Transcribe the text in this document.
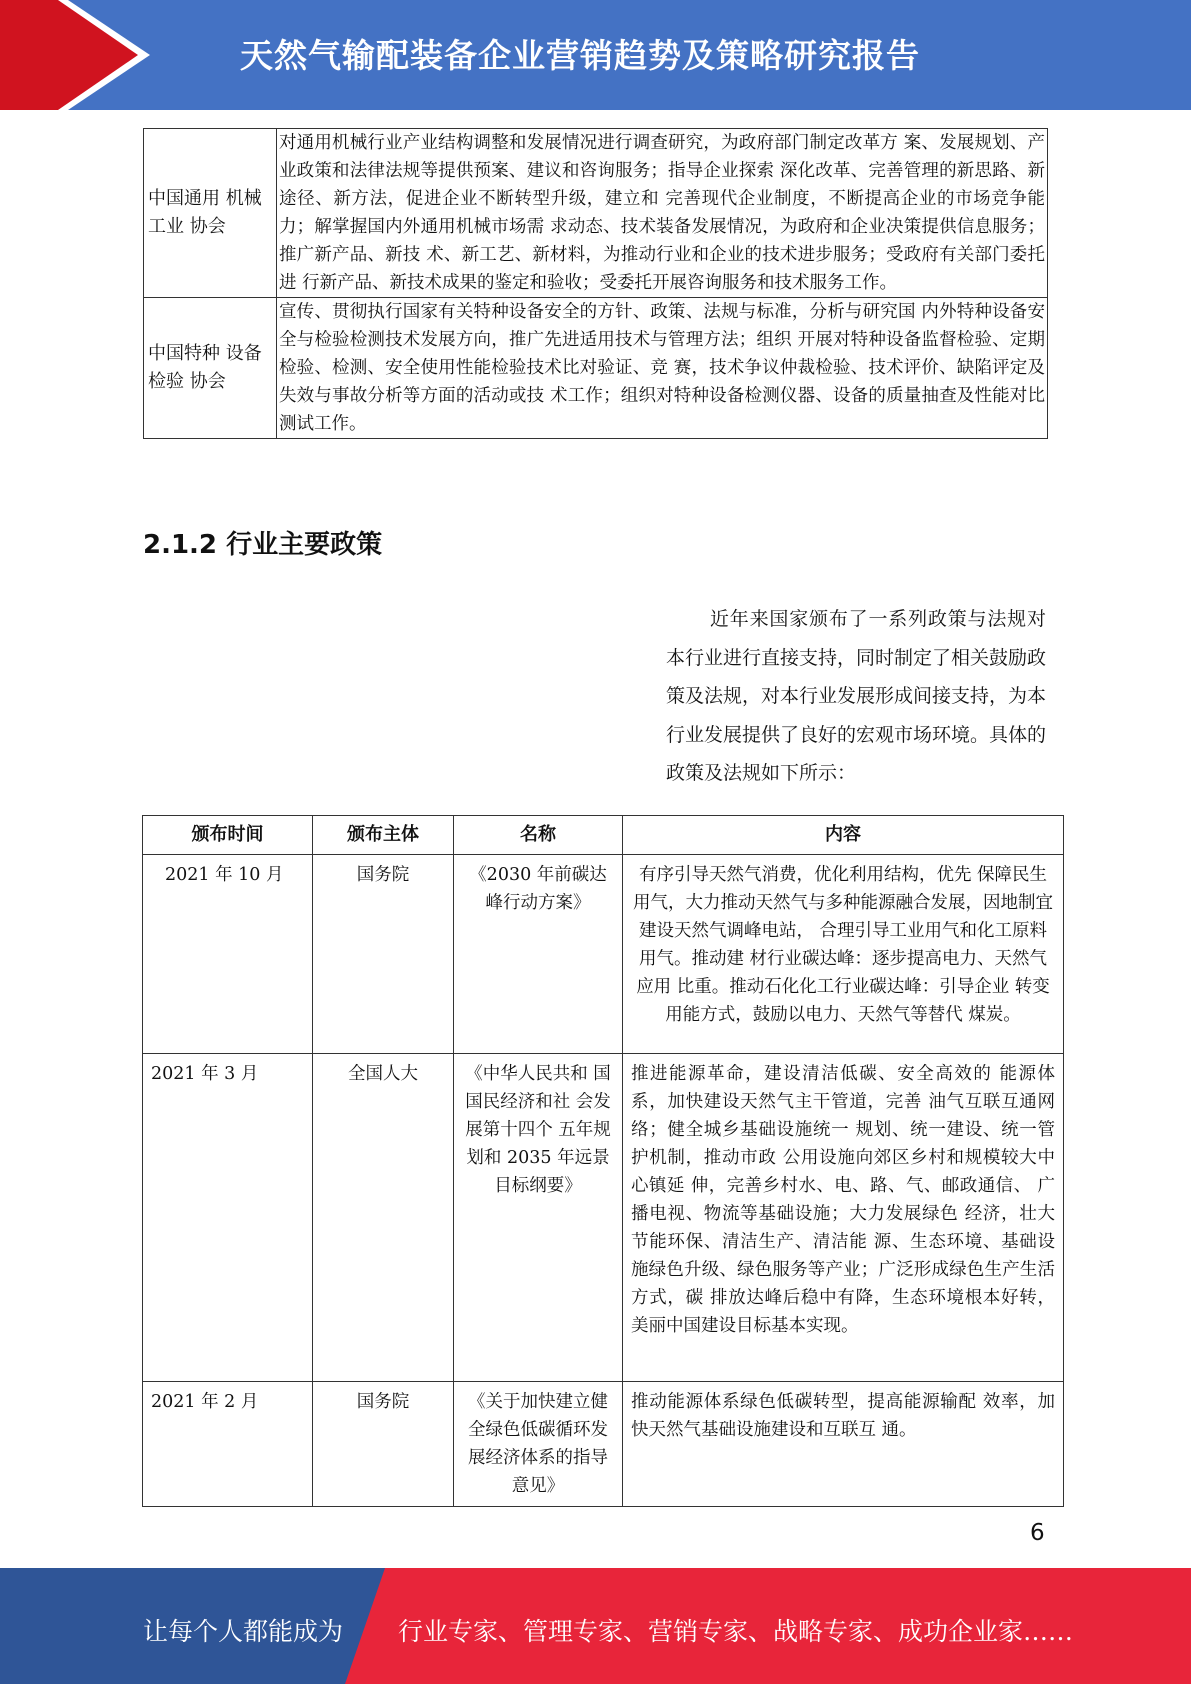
天然气输配装备企业营销趋势及策略研究报告
中国通用 机械工业 协会	对通用机械行业产业结构调整和发展情况进行调查研究，为政府部门制定改革方 案、发展规划、产业政策和法律法规等提供预案、建议和咨询服务；指导企业探索 深化改革、完善管理的新思路、新途径、新方法，促进企业不断转型升级，建立和 完善现代企业制度，不断提高企业的市场竞争能力；解掌握国内外通用机械市场需 求动态、技术装备发展情况，为政府和企业决策提供信息服务；推广新产品、新技 术、新工艺、新材料，为推动行业和企业的技术进步服务；受政府有关部门委托进 行新产品、新技术成果的鉴定和验收；受委托开展咨询服务和技术服务工作。
中国特种 设备检验 协会	宣传、贯彻执行国家有关特种设备安全的方针、政策、法规与标准，分析与研究国 内外特种设备安全与检验检测技术发展方向，推广先进适用技术与管理方法；组织 开展对特种设备监督检验、定期检验、检测、安全使用性能检验技术比对验证、竞 赛，技术争议仲裁检验、技术评价、缺陷评定及失效与事故分析等方面的活动或技 术工作；组织对特种设备检测仪器、设备的质量抽查及性能对比测试工作。
2.1.2 行业主要政策
近年来国家颁布了一系列政策与法规对本行业进行直接支持，同时制定了相关鼓励政策及法规，对本行业发展形成间接支持，为本行业发展提供了良好的宏观市场环境。具体的政策及法规如下所示：
颁布时间	颁布主体	名称	内容
2021 年 10 月	国务院	《2030 年前碳达峰行动方案》	有序引导天然气消费，优化利用结构，优先 保障民生用气，大力推动天然气与多种能源融合发展，因地制宜建设天然气调峰电站， 合理引导工业用气和化工原料用气。推动建 材行业碳达峰：逐步提高电力、天然气应用 比重。推动石化化工行业碳达峰：引导企业 转变用能方式，鼓励以电力、天然气等替代 煤炭。
2021 年 3 月	全国人大	《中华人民共和 国国民经济和社 会发展第十四个 五年规划和 2035 年远景目标纲要》	推进能源革命，建设清洁低碳、安全高效的 能源体系，加快建设天然气主干管道，完善 油气互联互通网络；健全城乡基础设施统一 规划、统一建设、统一管护机制，推动市政 公用设施向郊区乡村和规模较大中心镇延 伸，完善乡村水、电、路、气、邮政通信、 广播电视、物流等基础设施；大力发展绿色 经济，壮大节能环保、清洁生产、清洁能 源、生态环境、基础设施绿色升级、绿色服务等产业；广泛形成绿色生产生活方式，碳 排放达峰后稳中有降，生态环境根本好转， 美丽中国建设目标基本实现。
2021 年 2 月	国务院	《关于加快建立健全绿色低碳循环发展经济体系的指导意见》	推动能源体系绿色低碳转型，提高能源输配 效率，加快天然气基础设施建设和互联互 通。
6
让每个人都能成为 行业专家、管理专家、营销专家、战略专家、成功企业家……
